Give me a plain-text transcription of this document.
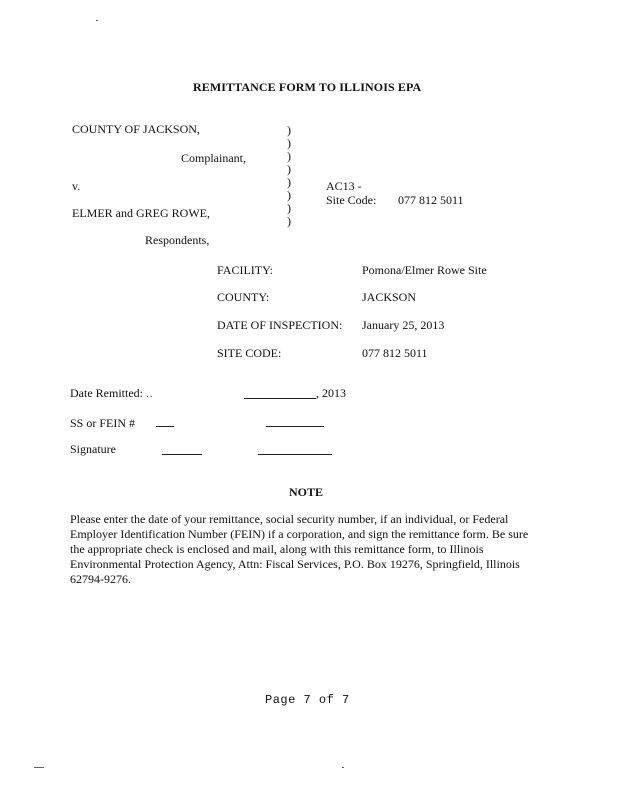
REMITTANCE FORM TO ILLINOIS EPA
COUNTY OF JACKSON,
Complainant,
v.
ELMER and GREG ROWE,
Respondents,
)
)
)
)
)
)
)
)
AC13 -
Site Code: 077 812 5011
FACILITY:	Pomona/Elmer Rowe Site
COUNTY:	JACKSON
DATE OF INSPECTION: January 25, 2013
SITE CODE:	077 812 5011
Date Remitted: ..	, 2013
SS or FEIN #
Signature
NOTE
Please enter the date of your remittance, social security number, if an individual, or Federal
Employer Identification Number (FEIN) if a corporation, and sign the remittance form. Be sure
the appropriate check is enclosed and mail, along with this remittance form, to Illinois
Environmental Protection Agency, Attn: Fiscal Services, P.O. Box 19276, Springfield, Illinois
62794-9276.
Page 7 of 7
